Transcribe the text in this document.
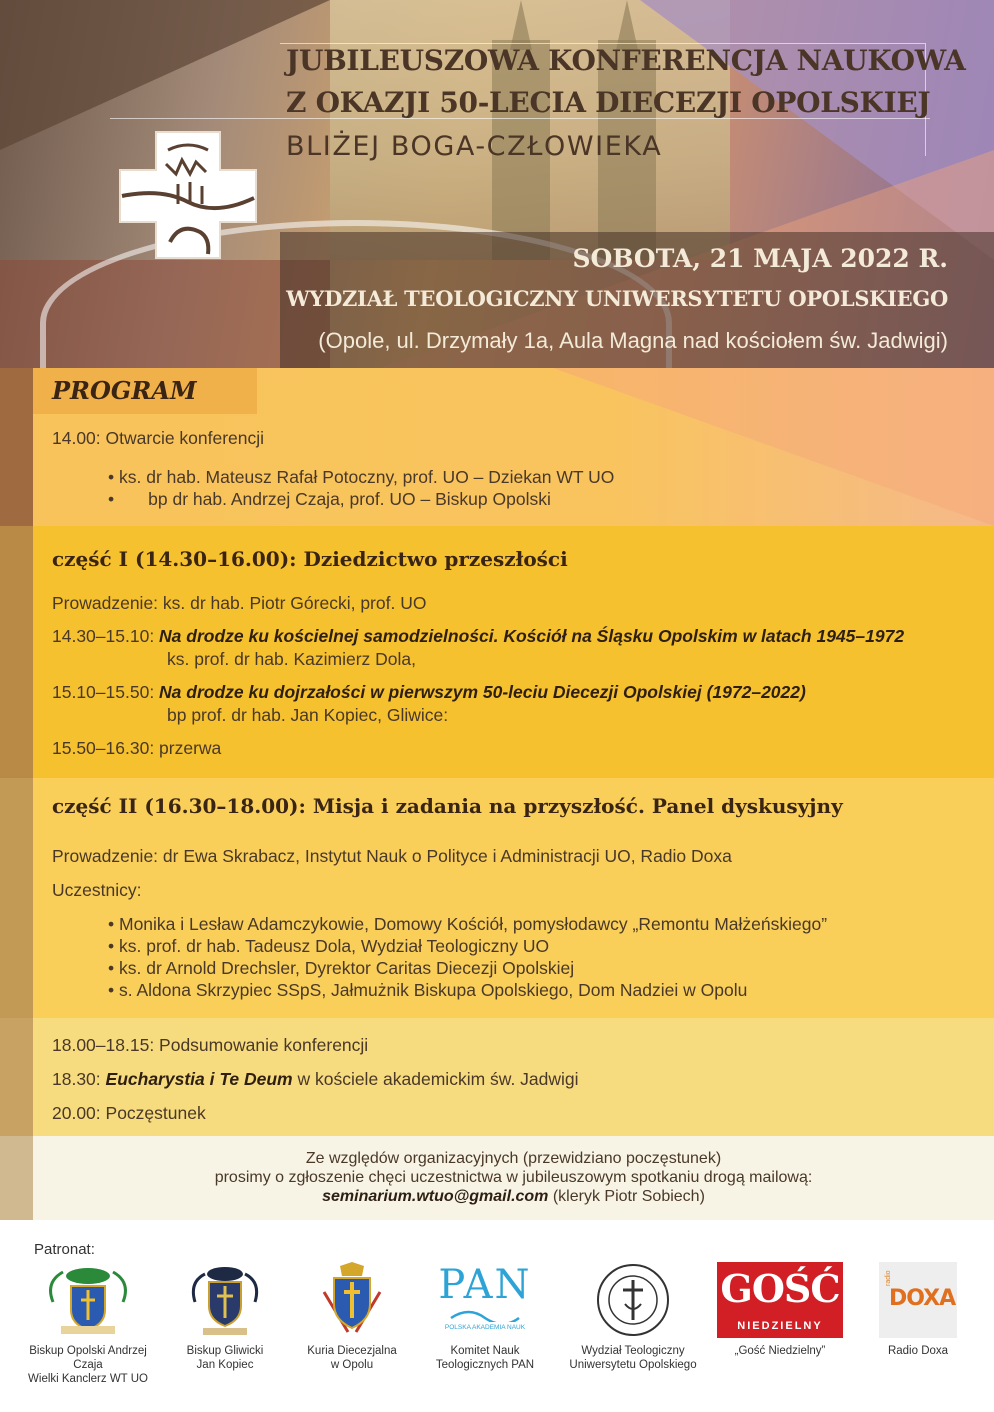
JUBILEUSZOWA KONFERENCJA NAUKOWA
Z OKAZJI 50-LECIA DIECEZJI OPOLSKIEJ
BLIŻEJ BOGA-CZŁOWIEKA
SOBOTA, 21 MAJA 2022 R.
WYDZIAŁ TEOLOGICZNY UNIWERSYTETU OPOLSKIEGO
(Opole, ul. Drzymały 1a, Aula Magna nad kościołem św. Jadwigi)
PROGRAM
14.00: Otwarcie konferencji
• ks. dr hab. Mateusz Rafał Potoczny, prof. UO – Dziekan WT UO
•       bp dr hab. Andrzej Czaja, prof. UO – Biskup Opolski
część I (14.30–16.00): Dziedzictwo przeszłości
Prowadzenie: ks. dr hab. Piotr Górecki, prof. UO
14.30–15.10: Na drodze ku kościelnej samodzielności. Kościół na Śląsku Opolskim w latach 1945–1972
ks. prof. dr hab. Kazimierz Dola,
15.10–15.50: Na drodze ku dojrzałości w pierwszym 50-leciu Diecezji Opolskiej (1972–2022)
bp prof. dr hab. Jan Kopiec, Gliwice:
15.50–16.30: przerwa
część II (16.30–18.00): Misja i zadania na przyszłość. Panel dyskusyjny
Prowadzenie: dr Ewa Skrabacz, Instytut Nauk o Polityce i Administracji UO, Radio Doxa
Uczestnicy:
• Monika i Lesław Adamczykowie, Domowy Kościół, pomysłodawcy „Remontu Małżeńskiego”
• ks. prof. dr hab. Tadeusz Dola, Wydział Teologiczny UO
• ks. dr Arnold Drechsler, Dyrektor Caritas Diecezji Opolskiej
• s. Aldona Skrzypiec SSpS, Jałmużnik Biskupa Opolskiego, Dom Nadziei w Opolu
18.00–18.15: Podsumowanie konferencji
18.30: Eucharystia i Te Deum w kościele akademickim św. Jadwigi
20.00: Poczęstunek
Ze względów organizacyjnych (przewidziano poczęstunek)
prosimy o zgłoszenie chęci uczestnictwa w jubileuszowym spotkaniu drogą mailową:
seminarium.wtuo@gmail.com (kleryk Piotr Sobiech)
Patronat:
Biskup Opolski Andrzej Czaja
Wielki Kanclerz WT UO
Biskup Gliwicki
Jan Kopiec
Kuria Diecezjalna
w Opolu
PAN
POLSKA AKADEMIA NAUK
Komitet Nauk
Teologicznych PAN
Wydział Teologiczny
Uniwersytetu Opolskiego
GOŚĆ
NIEDZIELNY
„Gość Niedzielny”
radio
DOXA
Radio Doxa
